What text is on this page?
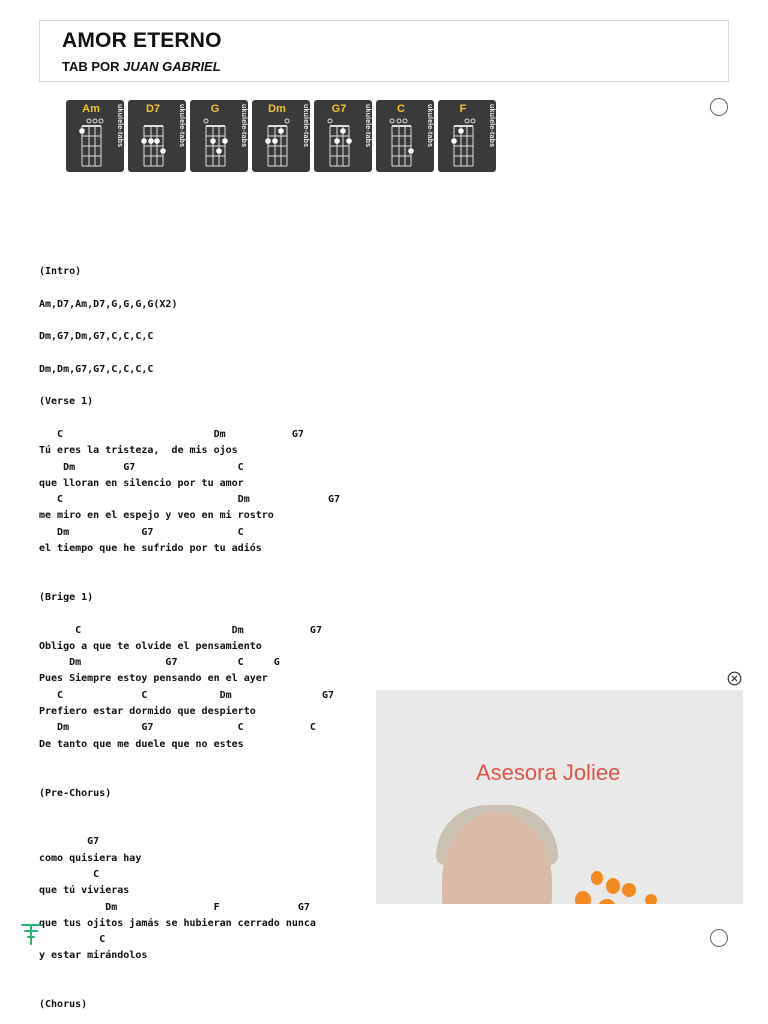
AMOR ETERNO
TAB POR JUAN GABRIEL
Am	ukulele-tabs	D7	ukulele-tabs	G	ukulele-tabs	Dm	ukulele-tabs	G7	ukulele-tabs	C	ukulele-tabs	F	ukulele-tabs
(Intro)

Am,D7,Am,D7,G,G,G,G(X2)

Dm,G7,Dm,G7,C,C,C,C

Dm,Dm,G7,G7,C,C,C,C

(Verse 1)

C                         Dm           G7
Tú eres la tristeza,  de mis ojos
Dm        G7                 C
que lloran en silencio por tu amor
C                             Dm             G7
me miro en el espejo y veo en mi rostro
Dm            G7              C
el tiempo que he sufrido por tu adiós

(Brige 1)

C                         Dm           G7
Obligo a que te olvide el pensamiento
Dm              G7          C     G
Pues Siempre estoy pensando en el ayer
C             C            Dm               G7
Prefiero estar dormido que despierto
Dm            G7              C           C
De tanto que me duele que no estes

(Pre-Chorus)

G7
como quisiera hay
C
que tú vivieras
Dm                F             G7
que tus ojitos jamás se hubieran cerrado nunca
C
y estar mirándolos

(Chorus)
Asesora Joliee
